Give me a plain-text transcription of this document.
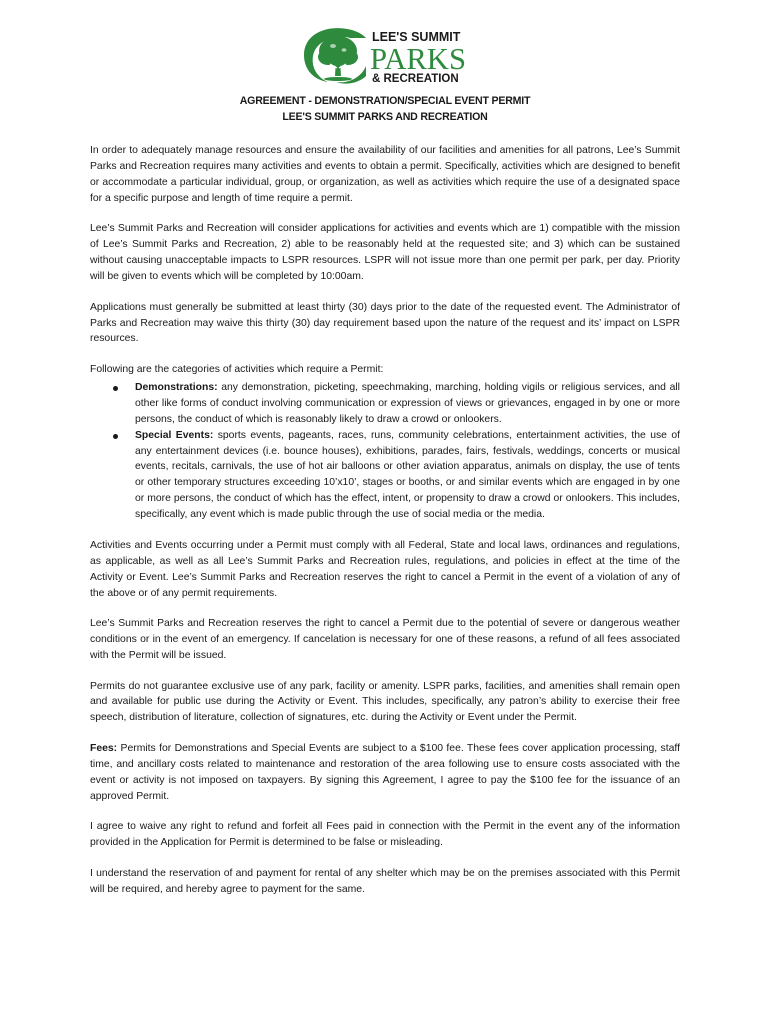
LEE'S SUMMIT
PARKS
& RECREATION
AGREEMENT - DEMONSTRATION/SPECIAL EVENT PERMIT
LEE'S SUMMIT PARKS AND RECREATION

In order to adequately manage resources and ensure the availability of our facilities and amenities for all patrons, Lee’s Summit Parks and Recreation requires many activities and events to obtain a permit. Specifically, activities which are designed to benefit or accommodate a particular individual, group, or organization, as well as activities which require the use of a designated space for a specific purpose and length of time require a permit.

Lee’s Summit Parks and Recreation will consider applications for activities and events which are 1) compatible with the mission of Lee’s Summit Parks and Recreation, 2) able to be reasonably held at the requested site; and 3) which can be sustained without causing unacceptable impacts to LSPR resources. LSPR will not issue more than one permit per park, per day. Priority will be given to events which will be completed by 10:00am.

Applications must generally be submitted at least thirty (30) days prior to the date of the requested event. The Administrator of Parks and Recreation may waive this thirty (30) day requirement based upon the nature of the request and its’ impact on LSPR resources.

Following are the categories of activities which require a Permit:

Demonstrations: any demonstration, picketing, speechmaking, marching, holding vigils or religious services, and all other like forms of conduct involving communication or expression of views or grievances, engaged in by one or more persons, the conduct of which is reasonably likely to draw a crowd or onlookers.
Special Events: sports events, pageants, races, runs, community celebrations, entertainment activities, the use of any entertainment devices (i.e. bounce houses), exhibitions, parades, fairs, festivals, weddings, concerts or musical events, recitals, carnivals, the use of hot air balloons or other aviation apparatus, animals on display, the use of tents or other temporary structures exceeding 10’x10’, stages or booths, or and similar events which are engaged in by one or more persons, the conduct of which has the effect, intent, or propensity to draw a crowd or onlookers. This includes, specifically, any event which is made public through the use of social media or the media.

Activities and Events occurring under a Permit must comply with all Federal, State and local laws, ordinances and regulations, as applicable, as well as all Lee’s Summit Parks and Recreation rules, regulations, and policies in effect at the time of the Activity or Event. Lee’s Summit Parks and Recreation reserves the right to cancel a Permit in the event of a violation of any of the above or of any permit requirements.

Lee’s Summit Parks and Recreation reserves the right to cancel a Permit due to the potential of severe or dangerous weather conditions or in the event of an emergency. If cancelation is necessary for one of these reasons, a refund of all fees associated with the Permit will be issued.

Permits do not guarantee exclusive use of any park, facility or amenity. LSPR parks, facilities, and amenities shall remain open and available for public use during the Activity or Event. This includes, specifically, any patron’s ability to exercise their free speech, distribution of literature, collection of signatures, etc. during the Activity or Event under the Permit.

Fees: Permits for Demonstrations and Special Events are subject to a $100 fee. These fees cover application processing, staff time, and ancillary costs related to maintenance and restoration of the area following use to ensure costs associated with the event or activity is not imposed on taxpayers. By signing this Agreement, I agree to pay the $100 fee for the issuance of an approved Permit.

I agree to waive any right to refund and forfeit all Fees paid in connection with the Permit in the event any of the information provided in the Application for Permit is determined to be false or misleading.

I understand the reservation of and payment for rental of any shelter which may be on the premises associated with this Permit will be required, and hereby agree to payment for the same.
